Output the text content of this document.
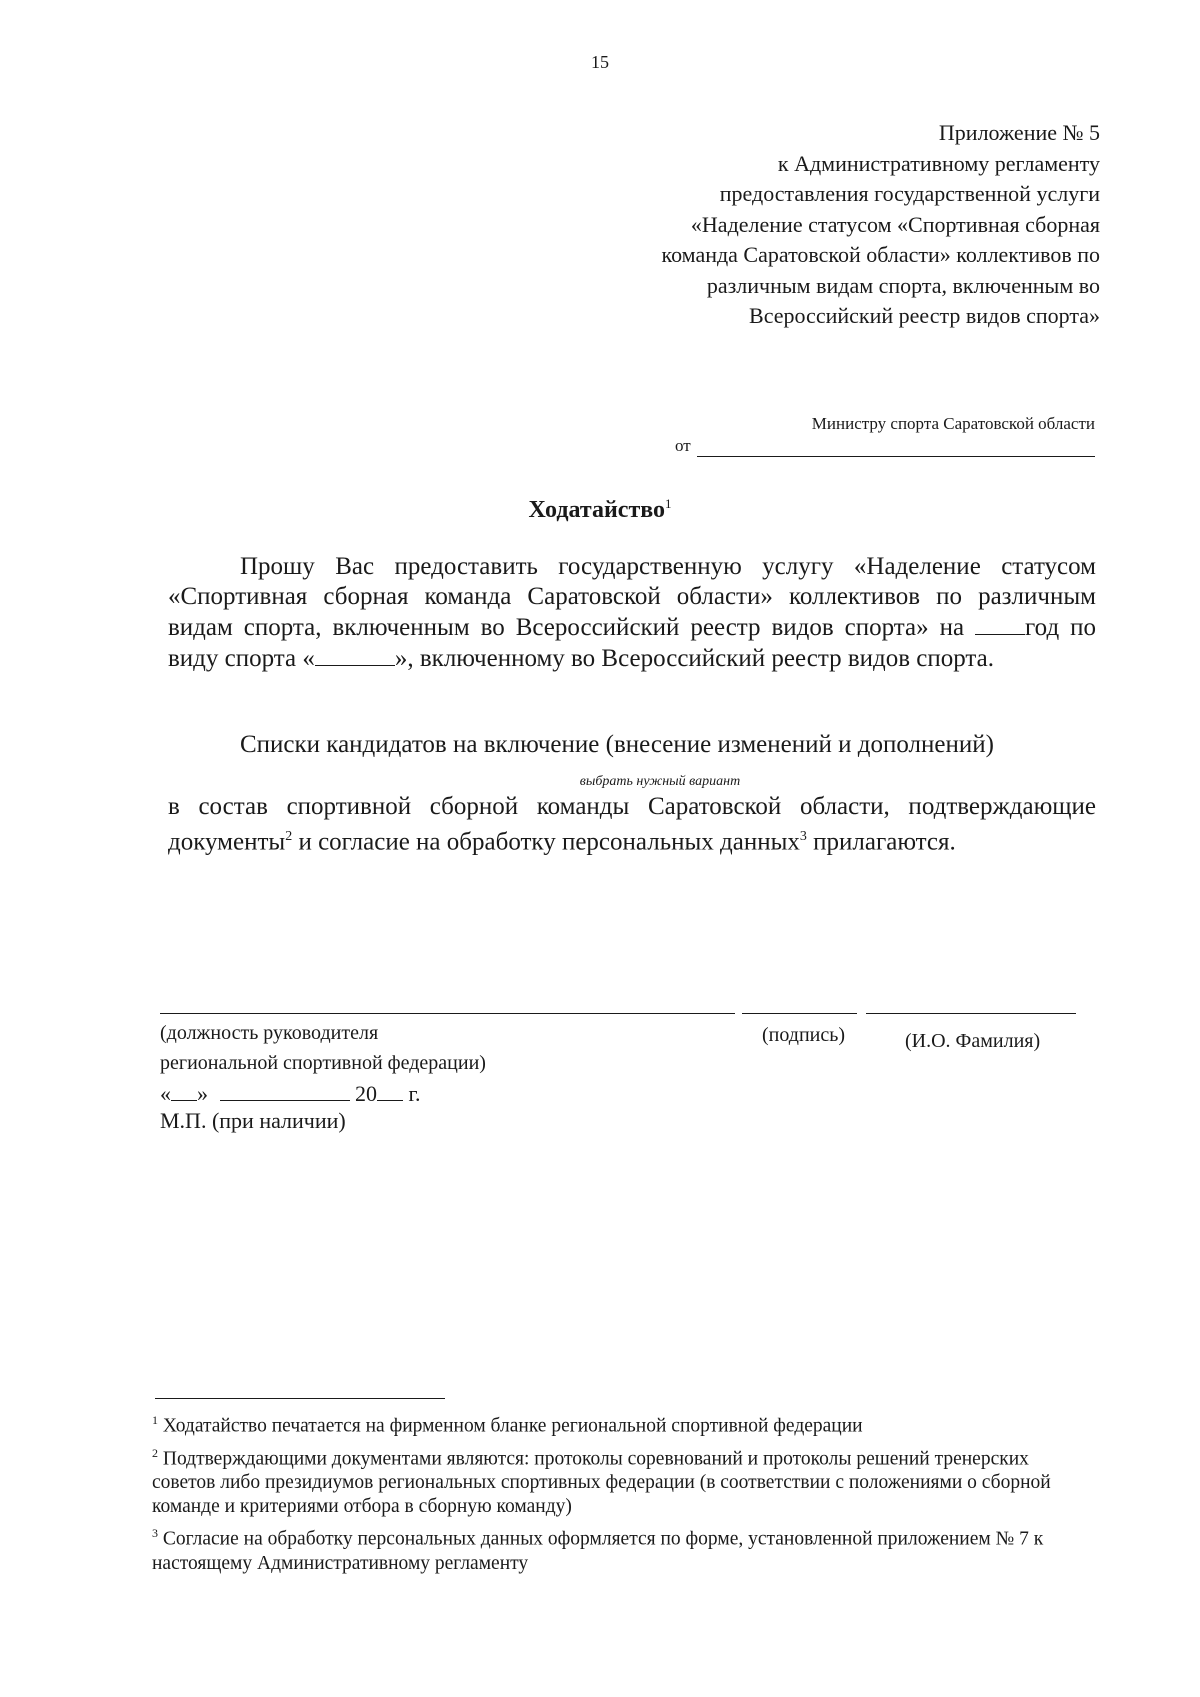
15
Приложение № 5
к Административному регламенту
предоставления государственной услуги
«Наделение статусом «Спортивная сборная
команда Саратовской области» коллективов по
различным видам спорта, включенным во
Всероссийский реестр видов спорта»
Министру спорта Саратовской области
от
Ходатайство$^1$
Прошу Вас предоставить государственную услугу «Наделение статусом «Спортивная сборная команда Саратовской области» коллективов по различным видам спорта, включенным во Всероссийский реестр видов спорта» на год по виду спорта «	», включенному во Всероссийский реестр видов спорта.
Списки кандидатов на включение (внесение изменений и дополнений)
выбрать нужный вариант
в состав спортивной сборной команды Саратовской области, подтверждающие документы$^2$ и согласие на обработку персональных данных$^3$ прилагаются.
(должность руководителя
региональной спортивной федерации)
(подпись)	(И.О. Фамилия)
« »	20 г.
М.П. (при наличии)

$^1$ Ходатайство печатается на фирменном бланке региональной спортивной федерации

$^2$ Подтверждающими документами являются: протоколы соревнований и протоколы решений тренерских советов либо президиумов региональных спортивных федерации (в соответствии с положениями о сборной команде и критериями отбора в сборную команду)

$^3$ Согласие на обработку персональных данных оформляется по форме, установленной приложением № 7 к настоящему Административному регламенту
